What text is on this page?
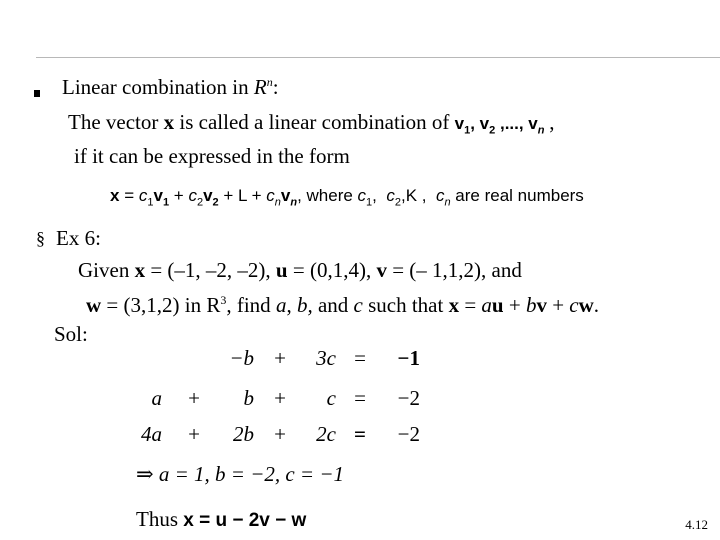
Linear combination in $R^n$:
The vector x is called a linear combination of $v_1$, $v_2$ ,..., $v_n$ ,
if it can be expressed in the form
$x = c_1v_1 + c_2v_2 + L + c_nv_n$, where $c_1$,  $c_2,K$ ,  $c_n$ are real numbers
§ Ex 6:
Given x = (–1, –2, –2), u = (0,1,4), v = (– 1,1,2), and
w = (3,1,2) in $R^3$, find a, b, and c such that x = au + bv + cw.
Sol:
−b +	3c =	−1
a	+	b +	c =	−2
4a	+	2b +	2c =	−2
⇒ a = 1, b = −2, c = −1
Thus x = u − 2v − w	4.12
